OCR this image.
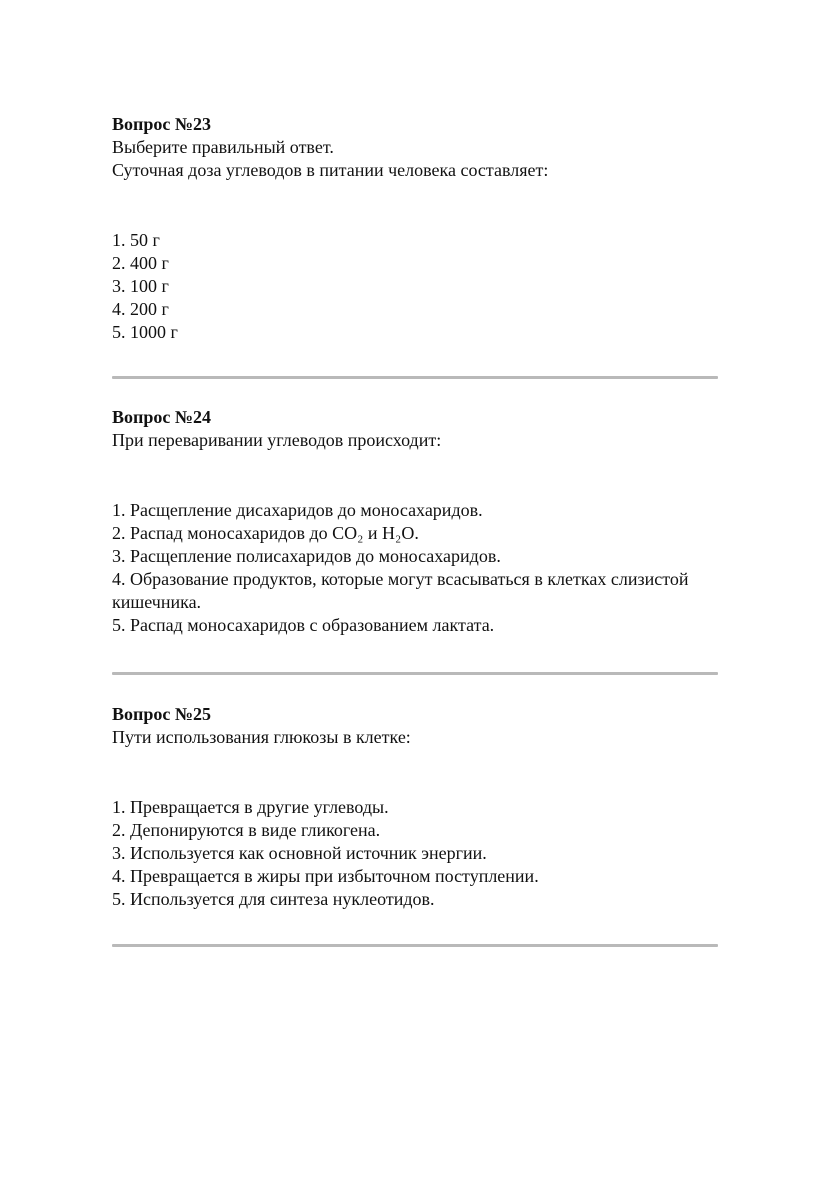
Вопрос №23

Выберите правильный ответ.

Суточная доза углеводов в питании человека составляет:

1. 50 г

2. 400 г

3. 100 г

4. 200 г

5. 1000 г

Вопрос №24

При переваривании углеводов происходит:

1. Расщепление дисахаридов до моносахаридов.

2. Распад моносахаридов до CO₂ и H₂O.

3. Расщепление полисахаридов до моносахаридов.

4. Образование продуктов, которые могут всасываться в клетках слизистой кишечника.

5. Распад моносахаридов с образованием лактата.

Вопрос №25

Пути использования глюкозы в клетке:

1. Превращается в другие углеводы.

2. Депонируются в виде гликогена.

3. Используется как основной источник энергии.

4. Превращается в жиры при избыточном поступлении.

5. Используется для синтеза нуклеотидов.
